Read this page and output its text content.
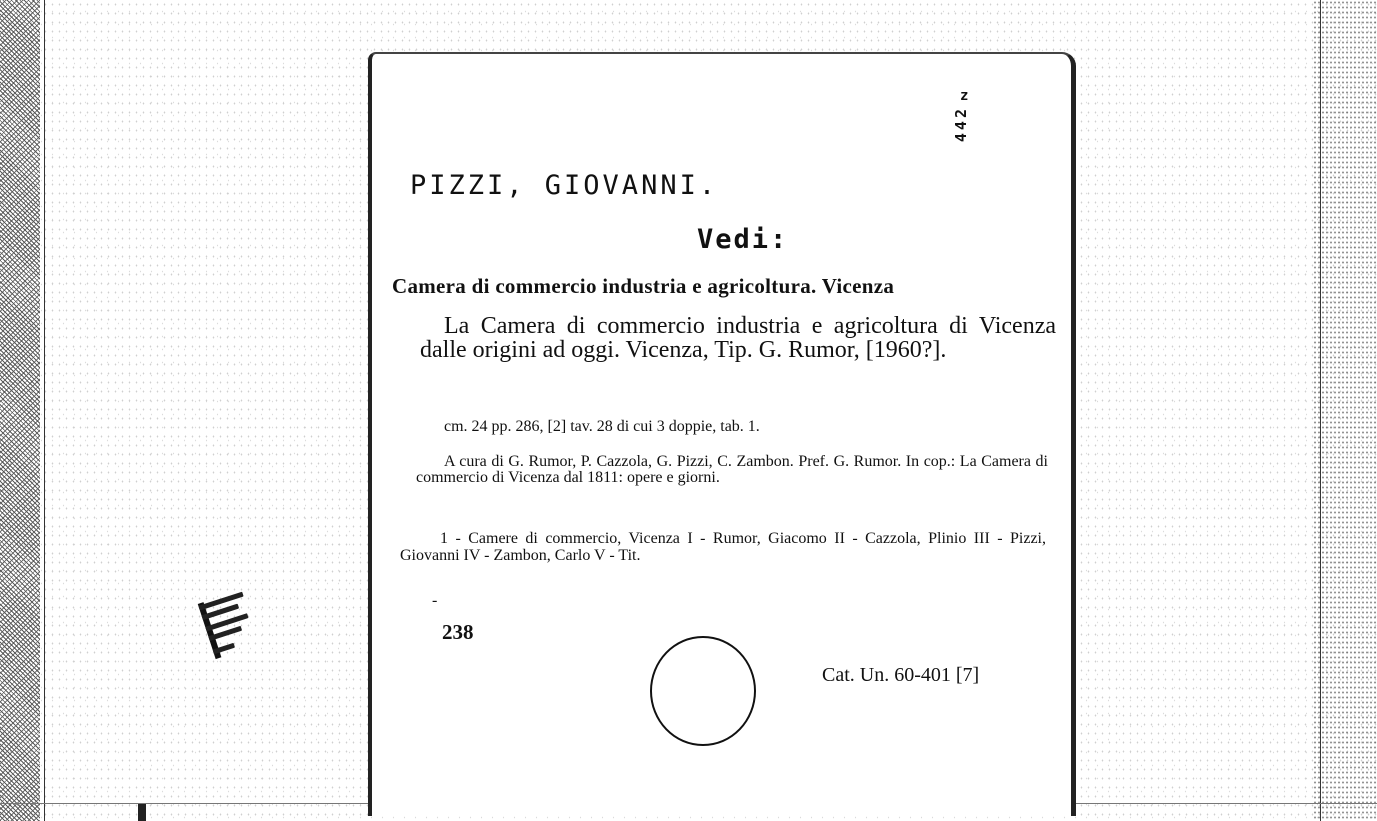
z
442
PIZZI, GIOVANNI.
Vedi:
Camera di commercio industria e agricoltura. Vicenza
La Camera di commercio industria e agricoltura di Vicenza dalle origini ad oggi. Vicenza, Tip. G. Rumor, [1960?].
cm. 24 pp. 286, [2] tav. 28 di cui 3 doppie, tab. 1.
A cura di G. Rumor, P. Cazzola, G. Pizzi, C. Zambon. Pref. G. Rumor. In cop.: La Camera di commercio di Vicenza dal 1811: opere e giorni.
1 - Camere di commercio, Vicenza I - Rumor, Giacomo II - Cazzola, Plinio III - Pizzi, Giovanni IV - Zambon, Carlo V - Tit.
-
238
Cat. Un. 60-401 [7]
